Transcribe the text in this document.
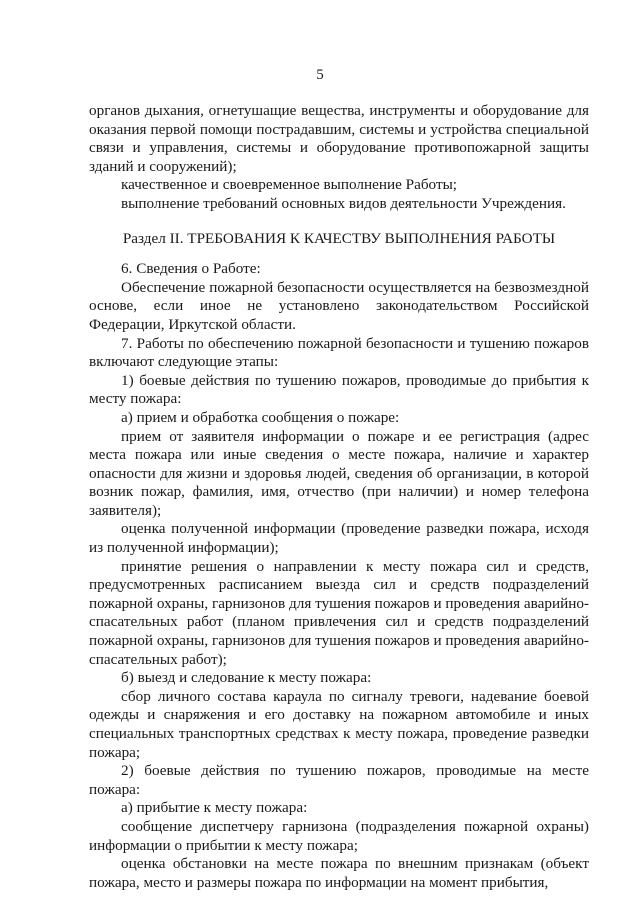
5

органов дыхания, огнетушащие вещества, инструменты и оборудование для оказания первой помощи пострадавшим, системы и устройства специальной связи и управления, системы и оборудование противопожарной защиты зданий и сооружений);

качественное и своевременное выполнение Работы;

выполнение требований основных видов деятельности Учреждения.

Раздел II. ТРЕБОВАНИЯ К КАЧЕСТВУ ВЫПОЛНЕНИЯ РАБОТЫ

6. Сведения о Работе:

Обеспечение пожарной безопасности осуществляется на безвозмездной основе, если иное не установлено законодательством Российской Федерации, Иркутской области.

7. Работы по обеспечению пожарной безопасности и тушению пожаров включают следующие этапы:

1) боевые действия по тушению пожаров, проводимые до прибытия к месту пожара:

а) прием и обработка сообщения о пожаре:

прием от заявителя информации о пожаре и ее регистрация (адрес места пожара или иные сведения о месте пожара, наличие и характер опасности для жизни и здоровья людей, сведения об организации, в которой возник пожар, фамилия, имя, отчество (при наличии) и номер телефона заявителя);

оценка полученной информации (проведение разведки пожара, исходя из полученной информации);

принятие решения о направлении к месту пожара сил и средств, предусмотренных расписанием выезда сил и средств подразделений пожарной охраны, гарнизонов для тушения пожаров и проведения аварийно-спасательных работ (планом привлечения сил и средств подразделений пожарной охраны, гарнизонов для тушения пожаров и проведения аварийно-спасательных работ);

б) выезд и следование к месту пожара:

сбор личного состава караула по сигналу тревоги, надевание боевой одежды и снаряжения и его доставку на пожарном автомобиле и иных специальных транспортных средствах к месту пожара, проведение разведки пожара;

2) боевые действия по тушению пожаров, проводимые на месте пожара:

а) прибытие к месту пожара:

сообщение диспетчеру гарнизона (подразделения пожарной охраны) информации о прибытии к месту пожара;

оценка обстановки на месте пожара по внешним признакам (объект пожара, место и размеры пожара по информации на момент прибытия,
